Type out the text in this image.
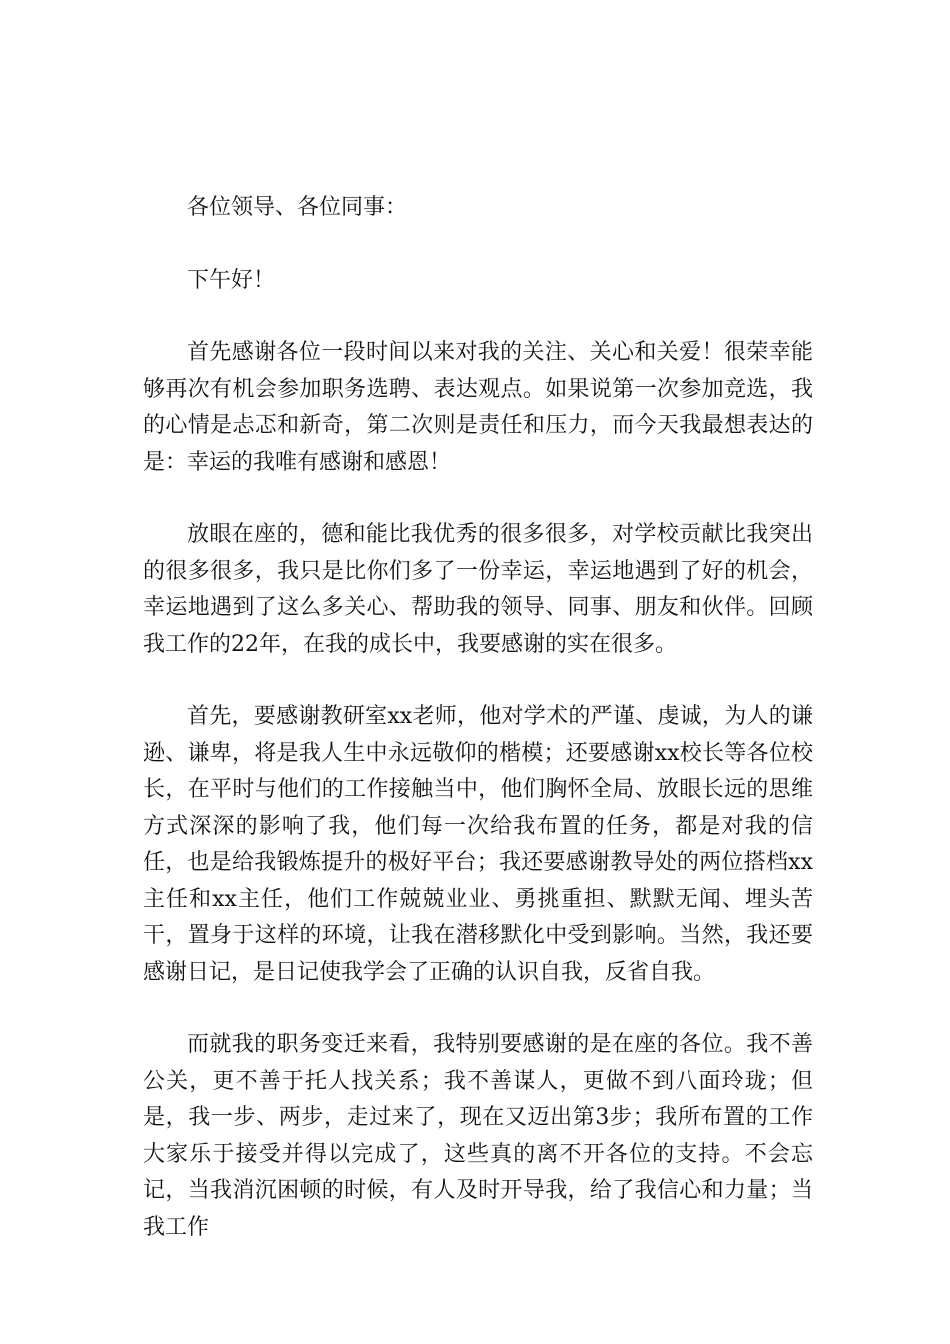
各位领导、各位同事：

下午好！

首先感谢各位一段时间以来对我的关注、关心和关爱！很荣幸能够再次有机会参加职务选聘、表达观点。如果说第一次参加竞选，我的心情是忐忑和新奇，第二次则是责任和压力，而今天我最想表达的是：幸运的我唯有感谢和感恩！

放眼在座的，德和能比我优秀的很多很多，对学校贡献比我突出的很多很多，我只是比你们多了一份幸运，幸运地遇到了好的机会，幸运地遇到了这么多关心、帮助我的领导、同事、朋友和伙伴。回顾我工作的22年，在我的成长中，我要感谢的实在很多。

首先，要感谢教研室xx老师，他对学术的严谨、虔诚，为人的谦逊、谦卑，将是我人生中永远敬仰的楷模；还要感谢xx校长等各位校长，在平时与他们的工作接触当中，他们胸怀全局、放眼长远的思维方式深深的影响了我，他们每一次给我布置的任务，都是对我的信任，也是给我锻炼提升的极好平台；我还要感谢教导处的两位搭档xx主任和xx主任，他们工作兢兢业业、勇挑重担、默默无闻、埋头苦干，置身于这样的环境，让我在潜移默化中受到影响。当然，我还要感谢日记，是日记使我学会了正确的认识自我，反省自我。

而就我的职务变迁来看，我特别要感谢的是在座的各位。我不善公关，更不善于托人找关系；我不善谋人，更做不到八面玲珑；但是，我一步、两步，走过来了，现在又迈出第3步；我所布置的工作大家乐于接受并得以完成了，这些真的离不开各位的支持。不会忘记，当我消沉困顿的时候，有人及时开导我，给了我信心和力量；当我工作
